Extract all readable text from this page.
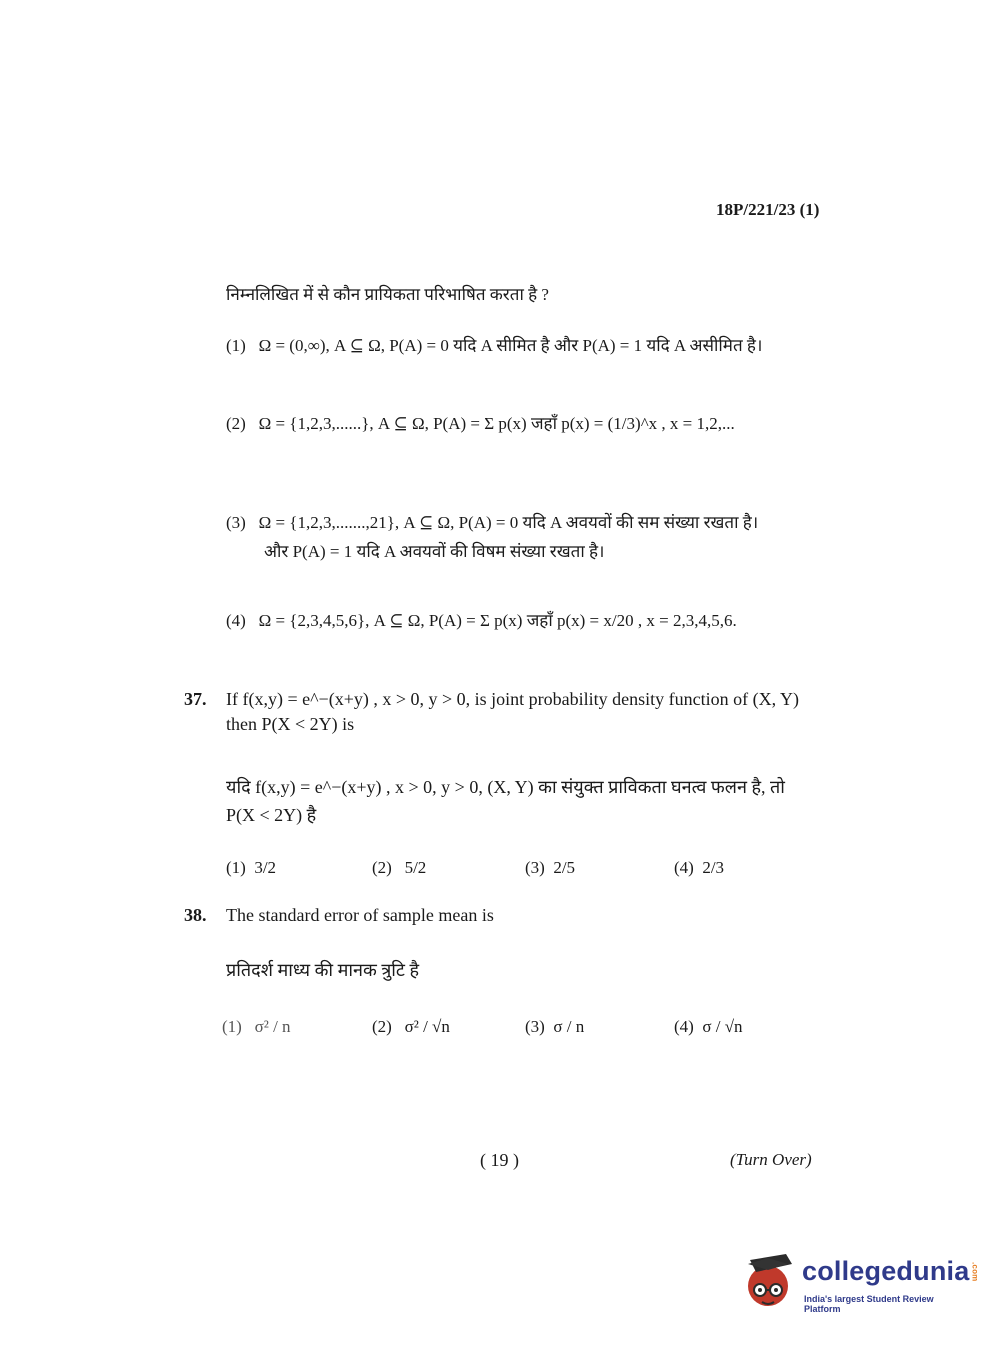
18P/221/23 (1)
निम्नलिखित में से कौन प्रायिकता परिभाषित करता है ?
(1) Ω = (0,∞), A ⊆ Ω, P(A) = 0 यदि A सीमित है और P(A) = 1 यदि A असीमित है।
(2) Ω = {1,2,3,......}, A ⊆ Ω, P(A) = Σ p(x) जहाँ p(x) = (1/3)^x , x = 1,2,...
(3) Ω = {1,2,3,.......,21}, A ⊆ Ω, P(A) = 0 यदि A अवयवों की सम संख्या रखता है।
और P(A) = 1 यदि A अवयवों की विषम संख्या रखता है।
(4) Ω = {2,3,4,5,6}, A ⊆ Ω, P(A) = Σ p(x) जहाँ p(x) = x/20 , x = 2,3,4,5,6.
37. If f(x,y) = e^−(x+y) , x > 0, y > 0, is joint probability density function of (X, Y)
then P(X < 2Y) is
यदि f(x,y) = e^−(x+y) , x > 0, y > 0, (X, Y) का संयुक्त प्राविकता घनत्व फलन है, तो
P(X < 2Y) है
(1) 3/2	(2) 5/2	(3) 2/5	(4) 2/3
38. The standard error of sample mean is
प्रतिदर्श माध्य की मानक त्रुटि है
(1) σ² / n	(2) σ² / √n	(3) σ / n	(4) σ / √n
( 19 )	(Turn Over)
collegedunia .com
India's largest Student Review Platform
